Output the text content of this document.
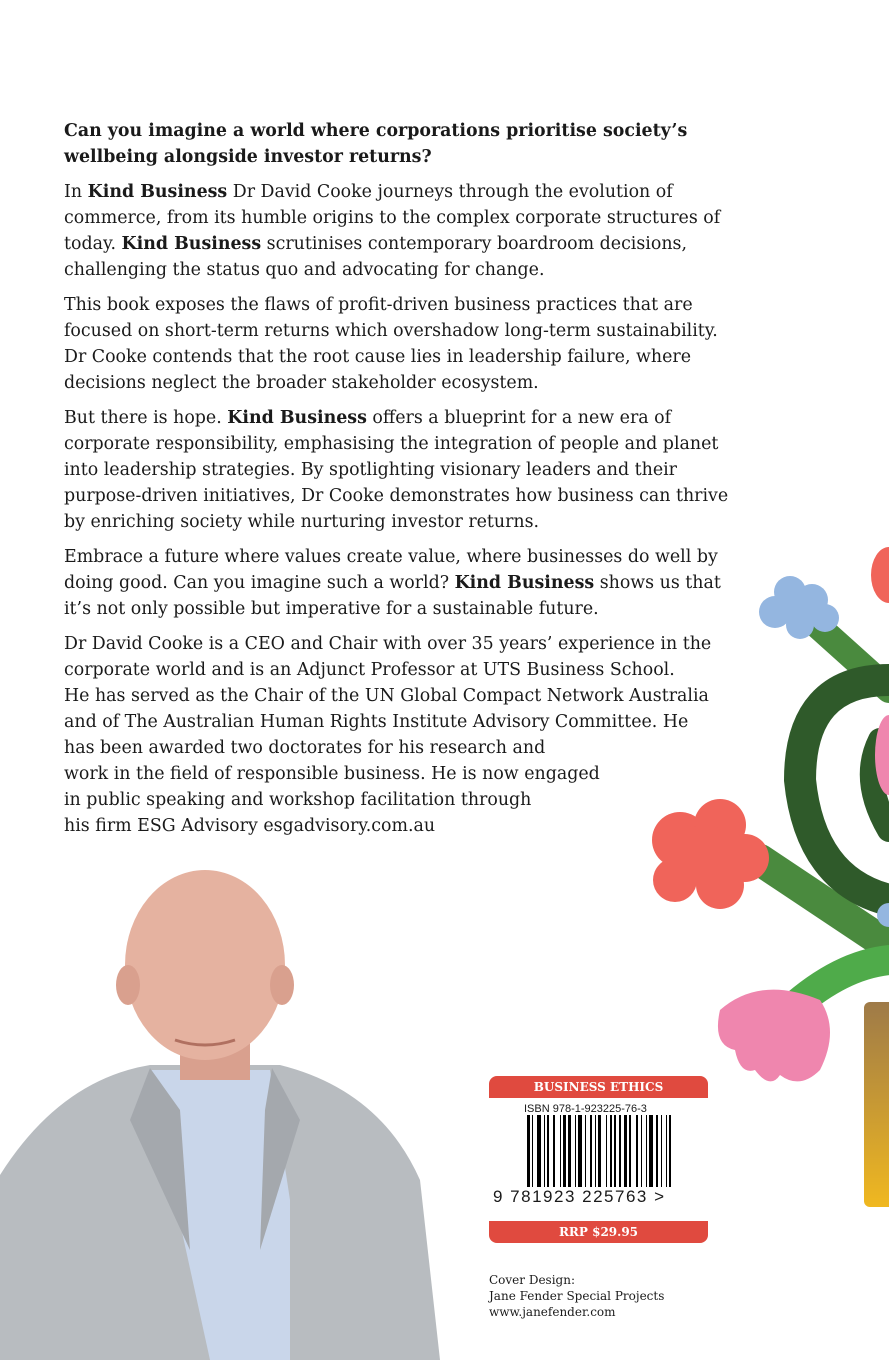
Can you imagine a world where corporations prioritise society’s wellbeing alongside investor returns?

In Kind Business Dr David Cooke journeys through the evolution of commerce, from its humble origins to the complex corporate structures of today. Kind Business scrutinises contemporary boardroom decisions, challenging the status quo and advocating for change.

This book exposes the flaws of profit-driven business practices that are focused on short-term returns which overshadow long-term sustainability. Dr Cooke contends that the root cause lies in leadership failure, where decisions neglect the broader stakeholder ecosystem.

But there is hope. Kind Business offers a blueprint for a new era of corporate responsibility, emphasising the integration of people and planet into leadership strategies. By spotlighting visionary leaders and their purpose-driven initiatives, Dr Cooke demonstrates how business can thrive by enriching society while nurturing investor returns.

Embrace a future where values create value, where businesses do well by doing good. Can you imagine such a world? Kind Business shows us that it’s not only possible but imperative for a sustainable future.

Dr David Cooke is a CEO and Chair with over 35 years’ experience in the
corporate world and is an Adjunct Professor at UTS Business School.
He has served as the Chair of the UN Global Compact Network Australia
and of The Australian Human Rights Institute Advisory Committee. He
has been awarded two doctorates for his research and
work in the field of responsible business. He is now engaged
in public speaking and workshop facilitation through
his firm ESG Advisory esgadvisory.com.au

BUSINESS ETHICS
ISBN 978-1-923225-76-3
9 781923 225763 >
RRP $29.95
Cover Design:
Jane Fender Special Projects
www.janefender.com
